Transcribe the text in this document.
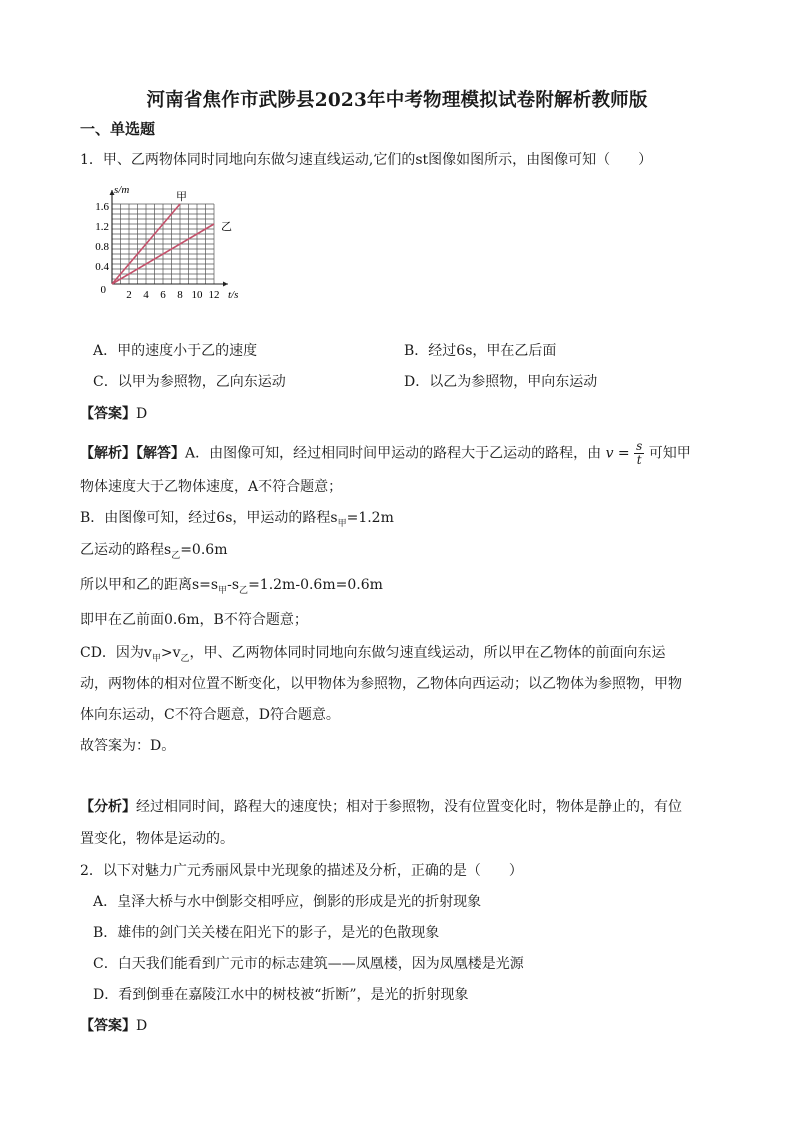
河南省焦作市武陟县2023年中考物理模拟试卷附解析教师版
一、单选题
1．甲、乙两物体同时同地向东做匀速直线运动,它们的st图像如图所示，由图像可知（　　）
s/m
t/s
1.6
1.2
0.8
0.4
0 2 4 6 8 10 12
甲
乙
A．甲的速度小于乙的速度	B．经过6s，甲在乙后面
C．以甲为参照物，乙向东运动	D．以乙为参照物，甲向东运动
【答案】D
【解析】【解答】A．由图像可知，经过相同时间甲运动的路程大于乙运动的路程，由 $v = \frac{s}{t}$ 可知甲
物体速度大于乙物体速度，A不符合题意；
B．由图像可知，经过6s，甲运动的路程$s_甲=1.2m$
乙运动的路程$s_乙=0.6m$
所以甲和乙的距离$s=s_甲-s_乙=1.2m-0.6m=0.6m$
即甲在乙前面0.6m，B不符合题意；
CD．因为$v_甲>v_乙$，甲、乙两物体同时同地向东做匀速直线运动，所以甲在乙物体的前面向东运
动，两物体的相对位置不断变化，以甲物体为参照物，乙物体向西运动；以乙物体为参照物，甲物
体向东运动，C不符合题意，D符合题意。
故答案为：D。
【分析】经过相同时间，路程大的速度快；相对于参照物，没有位置变化时，物体是静止的，有位
置变化，物体是运动的。
2．以下对魅力广元秀丽风景中光现象的描述及分析，正确的是（　　）
A．皇泽大桥与水中倒影交相呼应，倒影的形成是光的折射现象
B．雄伟的剑门关关楼在阳光下的影子，是光的色散现象
C．白天我们能看到广元市的标志建筑——凤凰楼，因为凤凰楼是光源
D．看到倒垂在嘉陵江水中的树枝被“折断”，是光的折射现象
【答案】D
